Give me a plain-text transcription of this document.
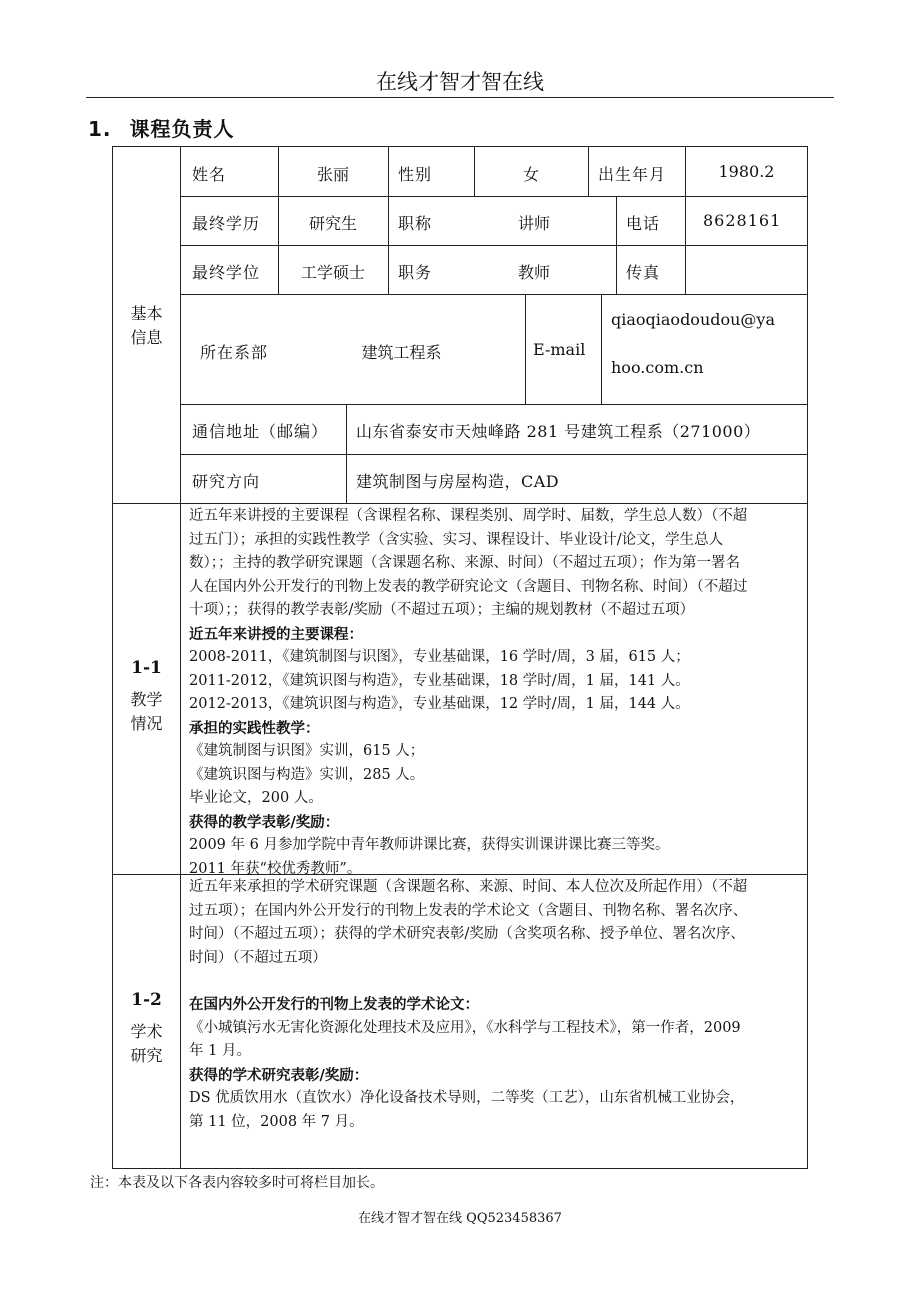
在线才智才智在线
1. 课程负责人
基本
信息
姓名	张丽	性别	女	出生年月	1980.2
最终学历	研究生	职称	讲师	电话	8628161
最终学位	工学硕士	职务	教师	传真
所在系部	建筑工程系	E-mail
qiaoqiaodoudou@ya
hoo.com.cn
通信地址（邮编） 山东省泰安市天烛峰路 281 号建筑工程系（271000）
研究方向	建筑制图与房屋构造，CAD
1-1
教学
情况
近五年来讲授的主要课程（含课程名称、课程类别、周学时、届数，学生总人数）（不超
过五门）；承担的实践性教学（含实验、实习、课程设计、毕业设计/论文，学生总人
数）；；主持的教学研究课题（含课题名称、来源、时间）（不超过五项）；作为第一署名
人在国内外公开发行的刊物上发表的教学研究论文（含题目、刊物名称、时间）（不超过
十项）；；获得的教学表彰/奖励（不超过五项）；主编的规划教材（不超过五项）
近五年来讲授的主要课程：
2008-2011，《建筑制图与识图》，专业基础课，16 学时/周，3 届，615 人；
2011-2012，《建筑识图与构造》，专业基础课，18 学时/周，1 届，141 人。
2012-2013，《建筑识图与构造》，专业基础课，12 学时/周，1 届，144 人。
承担的实践性教学：
《建筑制图与识图》实训，615 人；
《建筑识图与构造》实训，285 人。
毕业论文，200 人。
获得的教学表彰/奖励：
2009 年 6 月参加学院中青年教师讲课比赛，获得实训课讲课比赛三等奖。
2011 年获“校优秀教师”。
1-2
学术
研究
近五年来承担的学术研究课题（含课题名称、来源、时间、本人位次及所起作用）（不超
过五项）；在国内外公开发行的刊物上发表的学术论文（含题目、刊物名称、署名次序、
时间）（不超过五项）；获得的学术研究表彰/奖励（含奖项名称、授予单位、署名次序、
时间）（不超过五项）
在国内外公开发行的刊物上发表的学术论文：
《小城镇污水无害化资源化处理技术及应用》，《水科学与工程技术》，第一作者，2009
年 1 月。
获得的学术研究表彰/奖励：
DS 优质饮用水（直饮水）净化设备技术导则，二等奖（工艺），山东省机械工业协会，
第 11 位，2008 年 7 月。
注：本表及以下各表内容较多时可将栏目加长。
在线才智才智在线 QQ523458367
